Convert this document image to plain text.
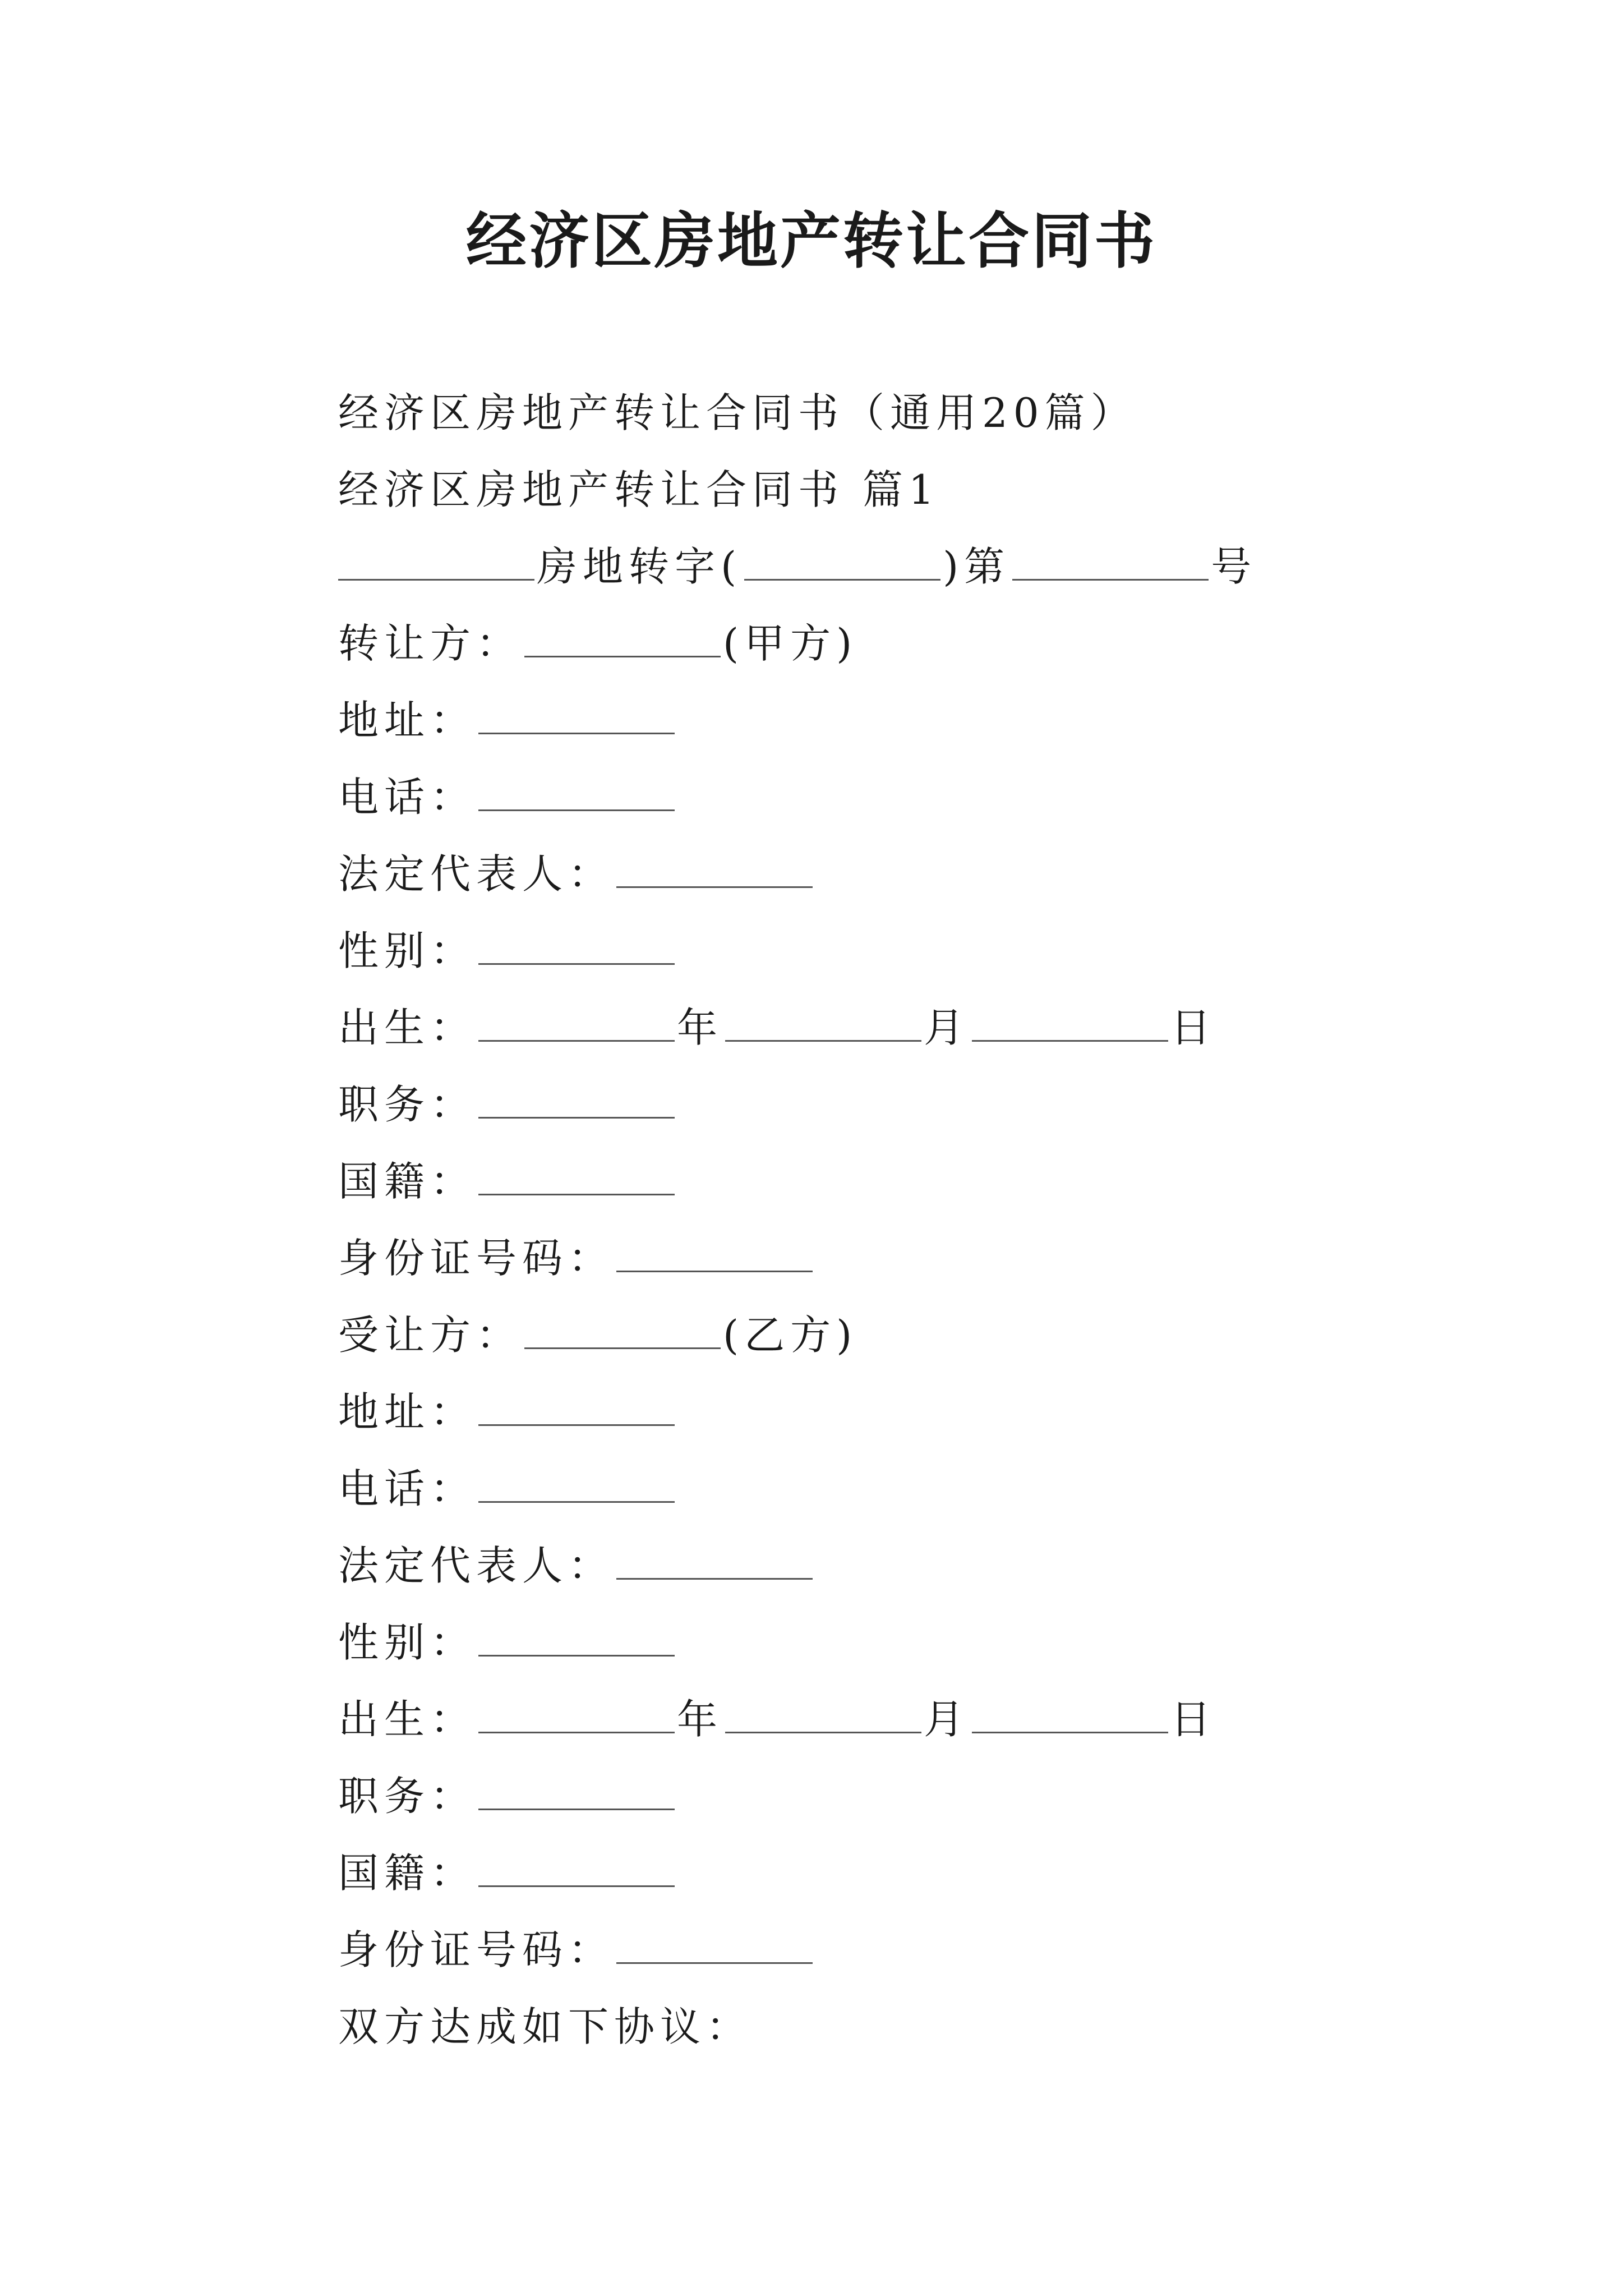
经济区房地产转让合同书
经济区房地产转让合同书（通用20篇）
经济区房地产转让合同书 篇1
房地转字(	)第	号
转让方：	(甲方)
地址：
电话：
法定代表人：
性别：
出生：	年	月	日
职务：
国籍：
身份证号码：
受让方：	(乙方)
地址：
电话：
法定代表人：
性别：
出生：	年	月	日
职务：
国籍：
身份证号码：
双方达成如下协议：
